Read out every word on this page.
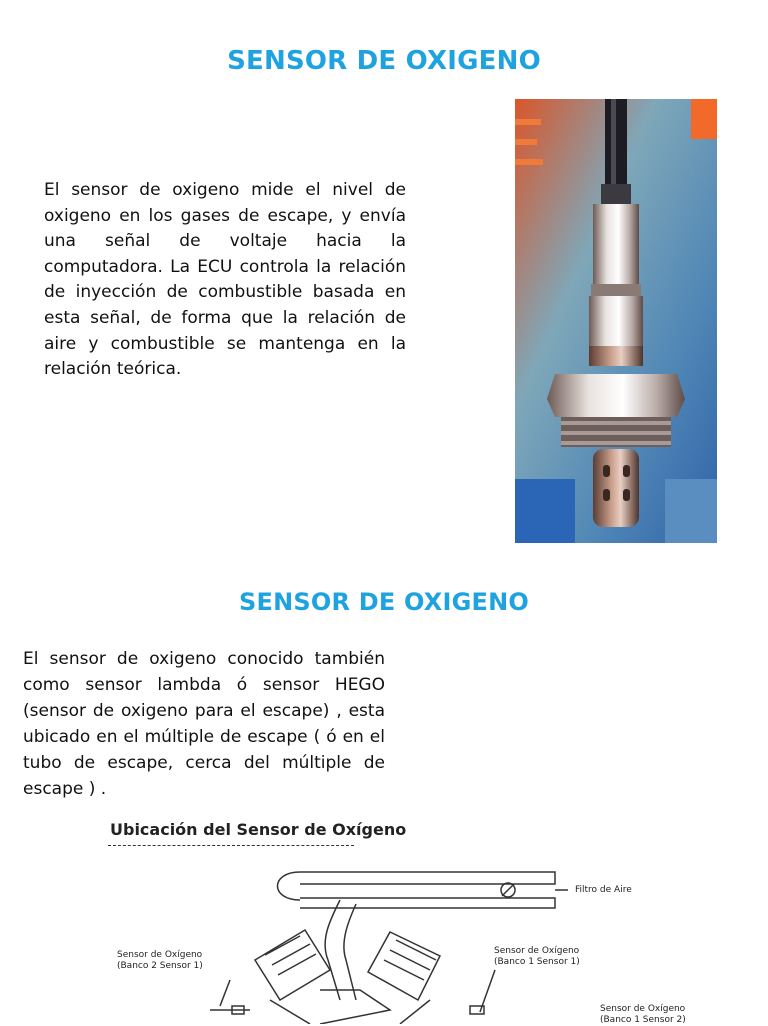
SENSOR DE OXIGENO
El sensor de oxigeno mide el nivel de oxigeno en los gases de escape, y envía una señal de voltaje hacia la computadora. La ECU controla la relación de inyección de combustible basada en esta señal, de forma que la relación de aire y combustible se mantenga en la relación teórica.
SENSOR DE OXIGENO
El sensor de oxigeno conocido también como sensor lambda ó sensor HEGO (sensor de oxigeno para el escape) , esta ubicado en el múltiple de escape ( ó en el tubo de escape, cerca del múltiple de escape ) .
Ubicación del Sensor de Oxígeno
Filtro de Aire
Sensor de Oxígeno
(Banco 2 Sensor 1)
Sensor de Oxígeno
(Banco 1 Sensor 1)
Sensor de Oxígeno
(Banco 1 Sensor 2)
